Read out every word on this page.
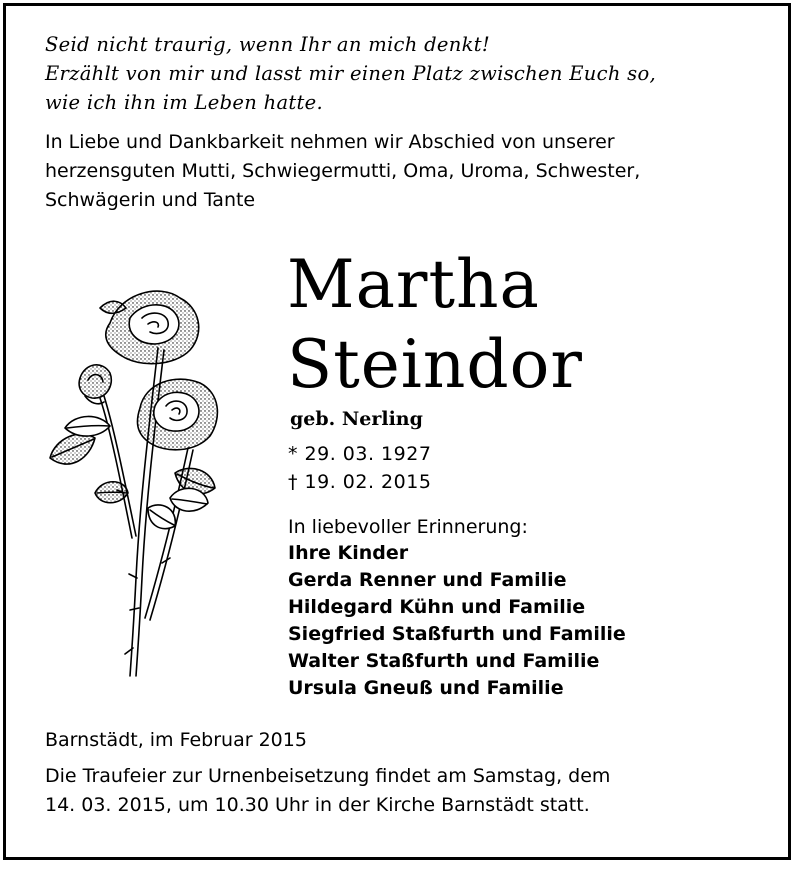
Seid nicht traurig, wenn Ihr an mich denkt!
Erzählt von mir und lasst mir einen Platz zwischen Euch so,
wie ich ihn im Leben hatte.
In Liebe und Dankbarkeit nehmen wir Abschied von unserer
herzensguten Mutti, Schwiegermutti, Oma, Uroma, Schwester,
Schwägerin und Tante
Martha
Steindor
geb. Nerling
* 29. 03. 1927
† 19. 02. 2015
In liebevoller Erinnerung:
Ihre Kinder
Gerda Renner und Familie
Hildegard Kühn und Familie
Siegfried Staßfurth und Familie
Walter Staßfurth und Familie
Ursula Gneuß und Familie
Barnstädt, im Februar 2015
Die Traufeier zur Urnenbeisetzung findet am Samstag, dem
14. 03. 2015, um 10.30 Uhr in der Kirche Barnstädt statt.
